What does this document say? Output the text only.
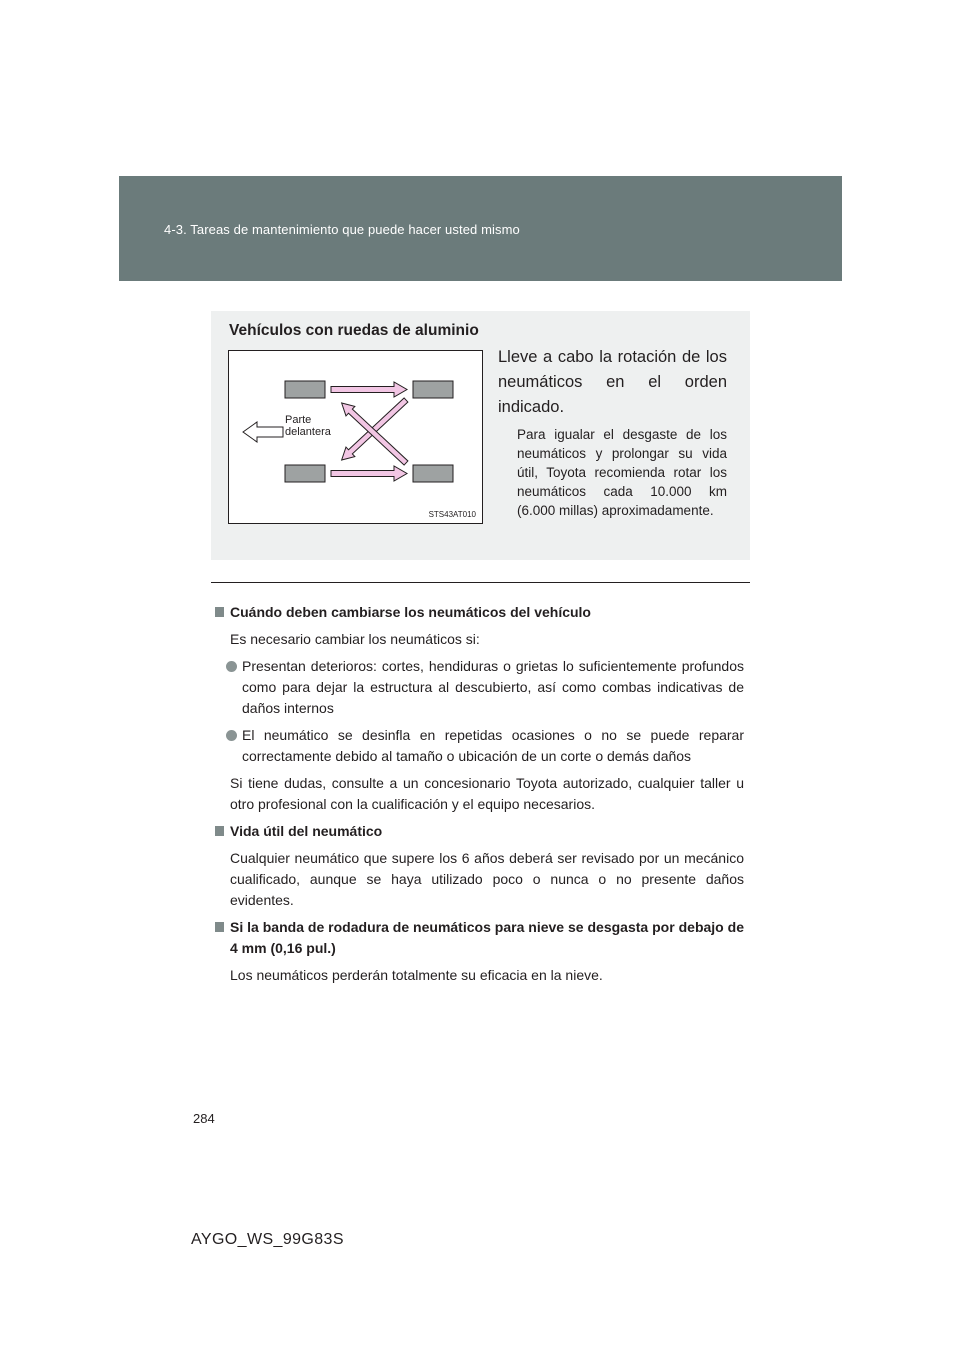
4-3. Tareas de mantenimiento que puede hacer usted mismo
Vehículos con ruedas de aluminio
Parte delantera
STS43AT010
Lleve a cabo la rotación de los neumáticos en el orden indicado.
Para igualar el desgaste de los neumáticos y prolongar su vida útil, Toyota recomienda rotar los neumáticos cada 10.000 km (6.000 millas) aproximadamente.
Cuándo deben cambiarse los neumáticos del vehículo
Es necesario cambiar los neumáticos si:
Presentan deterioros: cortes, hendiduras o grietas lo suficientemente profundos como para dejar la estructura al descubierto, así como combas indicativas de daños internos
El neumático se desinfla en repetidas ocasiones o no se puede reparar correctamente debido al tamaño o ubicación de un corte o demás daños
Si tiene dudas, consulte a un concesionario Toyota autorizado, cualquier taller u otro profesional con la cualificación y el equipo necesarios.
Vida útil del neumático
Cualquier neumático que supere los 6 años deberá ser revisado por un mecánico cualificado, aunque se haya utilizado poco o nunca o no presente daños evidentes.
Si la banda de rodadura de neumáticos para nieve se desgasta por debajo de 4 mm (0,16 pul.)
Los neumáticos perderán totalmente su eficacia en la nieve.
284
AYGO_WS_99G83S
